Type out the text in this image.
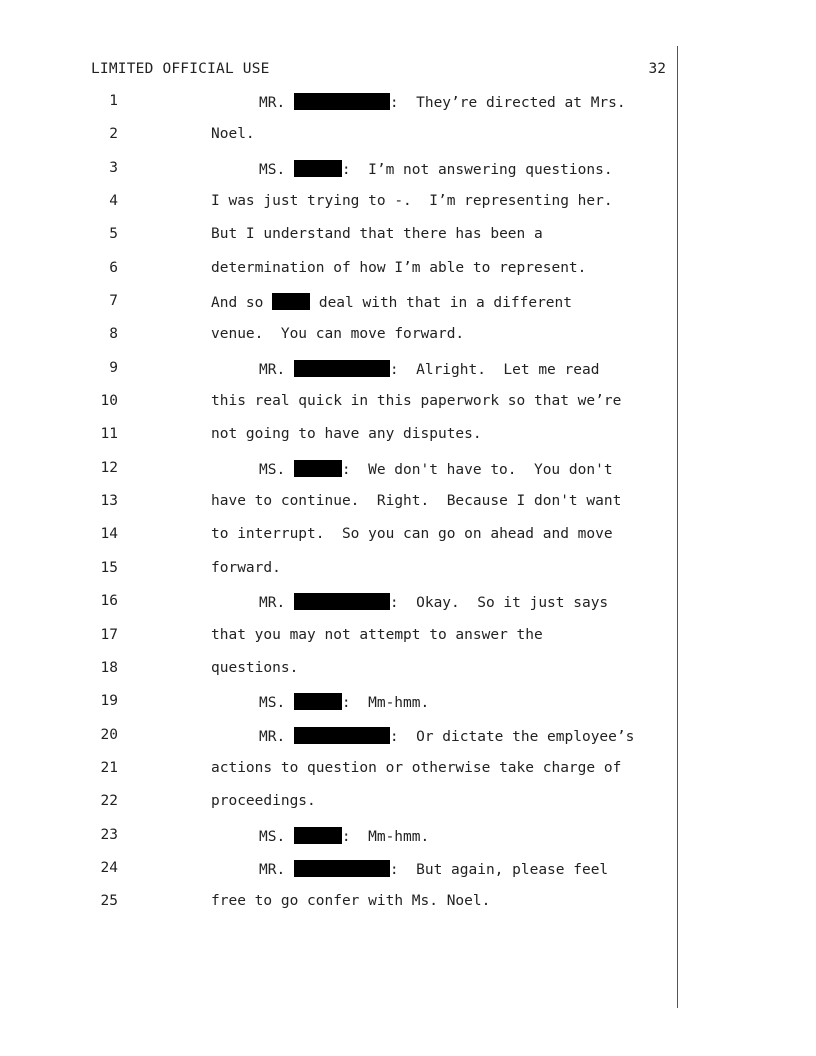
LIMITED OFFICIAL USE	32
1	MR.	:  They’re directed at Mrs.
2	Noel.
3	MS.	:  I’m not answering questions.
4	I was just trying to -.  I’m representing her.
5	But I understand that there has been a
6	determination of how I’m able to represent.
7	And so	deal with that in a different
8	venue.  You can move forward.
9	MR.	:  Alright.  Let me read
10	this real quick in this paperwork so that we’re
11	not going to have any disputes.
12	MS.	:  We don't have to.  You don't
13	have to continue.  Right.  Because I don't want
14	to interrupt.  So you can go on ahead and move
15	forward.
16	MR.	:  Okay.  So it just says
17	that you may not attempt to answer the
18	questions.
19	MS.	:  Mm-hmm.
20	MR.	:  Or dictate the employee’s
21	actions to question or otherwise take charge of
22	proceedings.
23	MS.	:  Mm-hmm.
24	MR.	:  But again, please feel
25	free to go confer with Ms. Noel.
